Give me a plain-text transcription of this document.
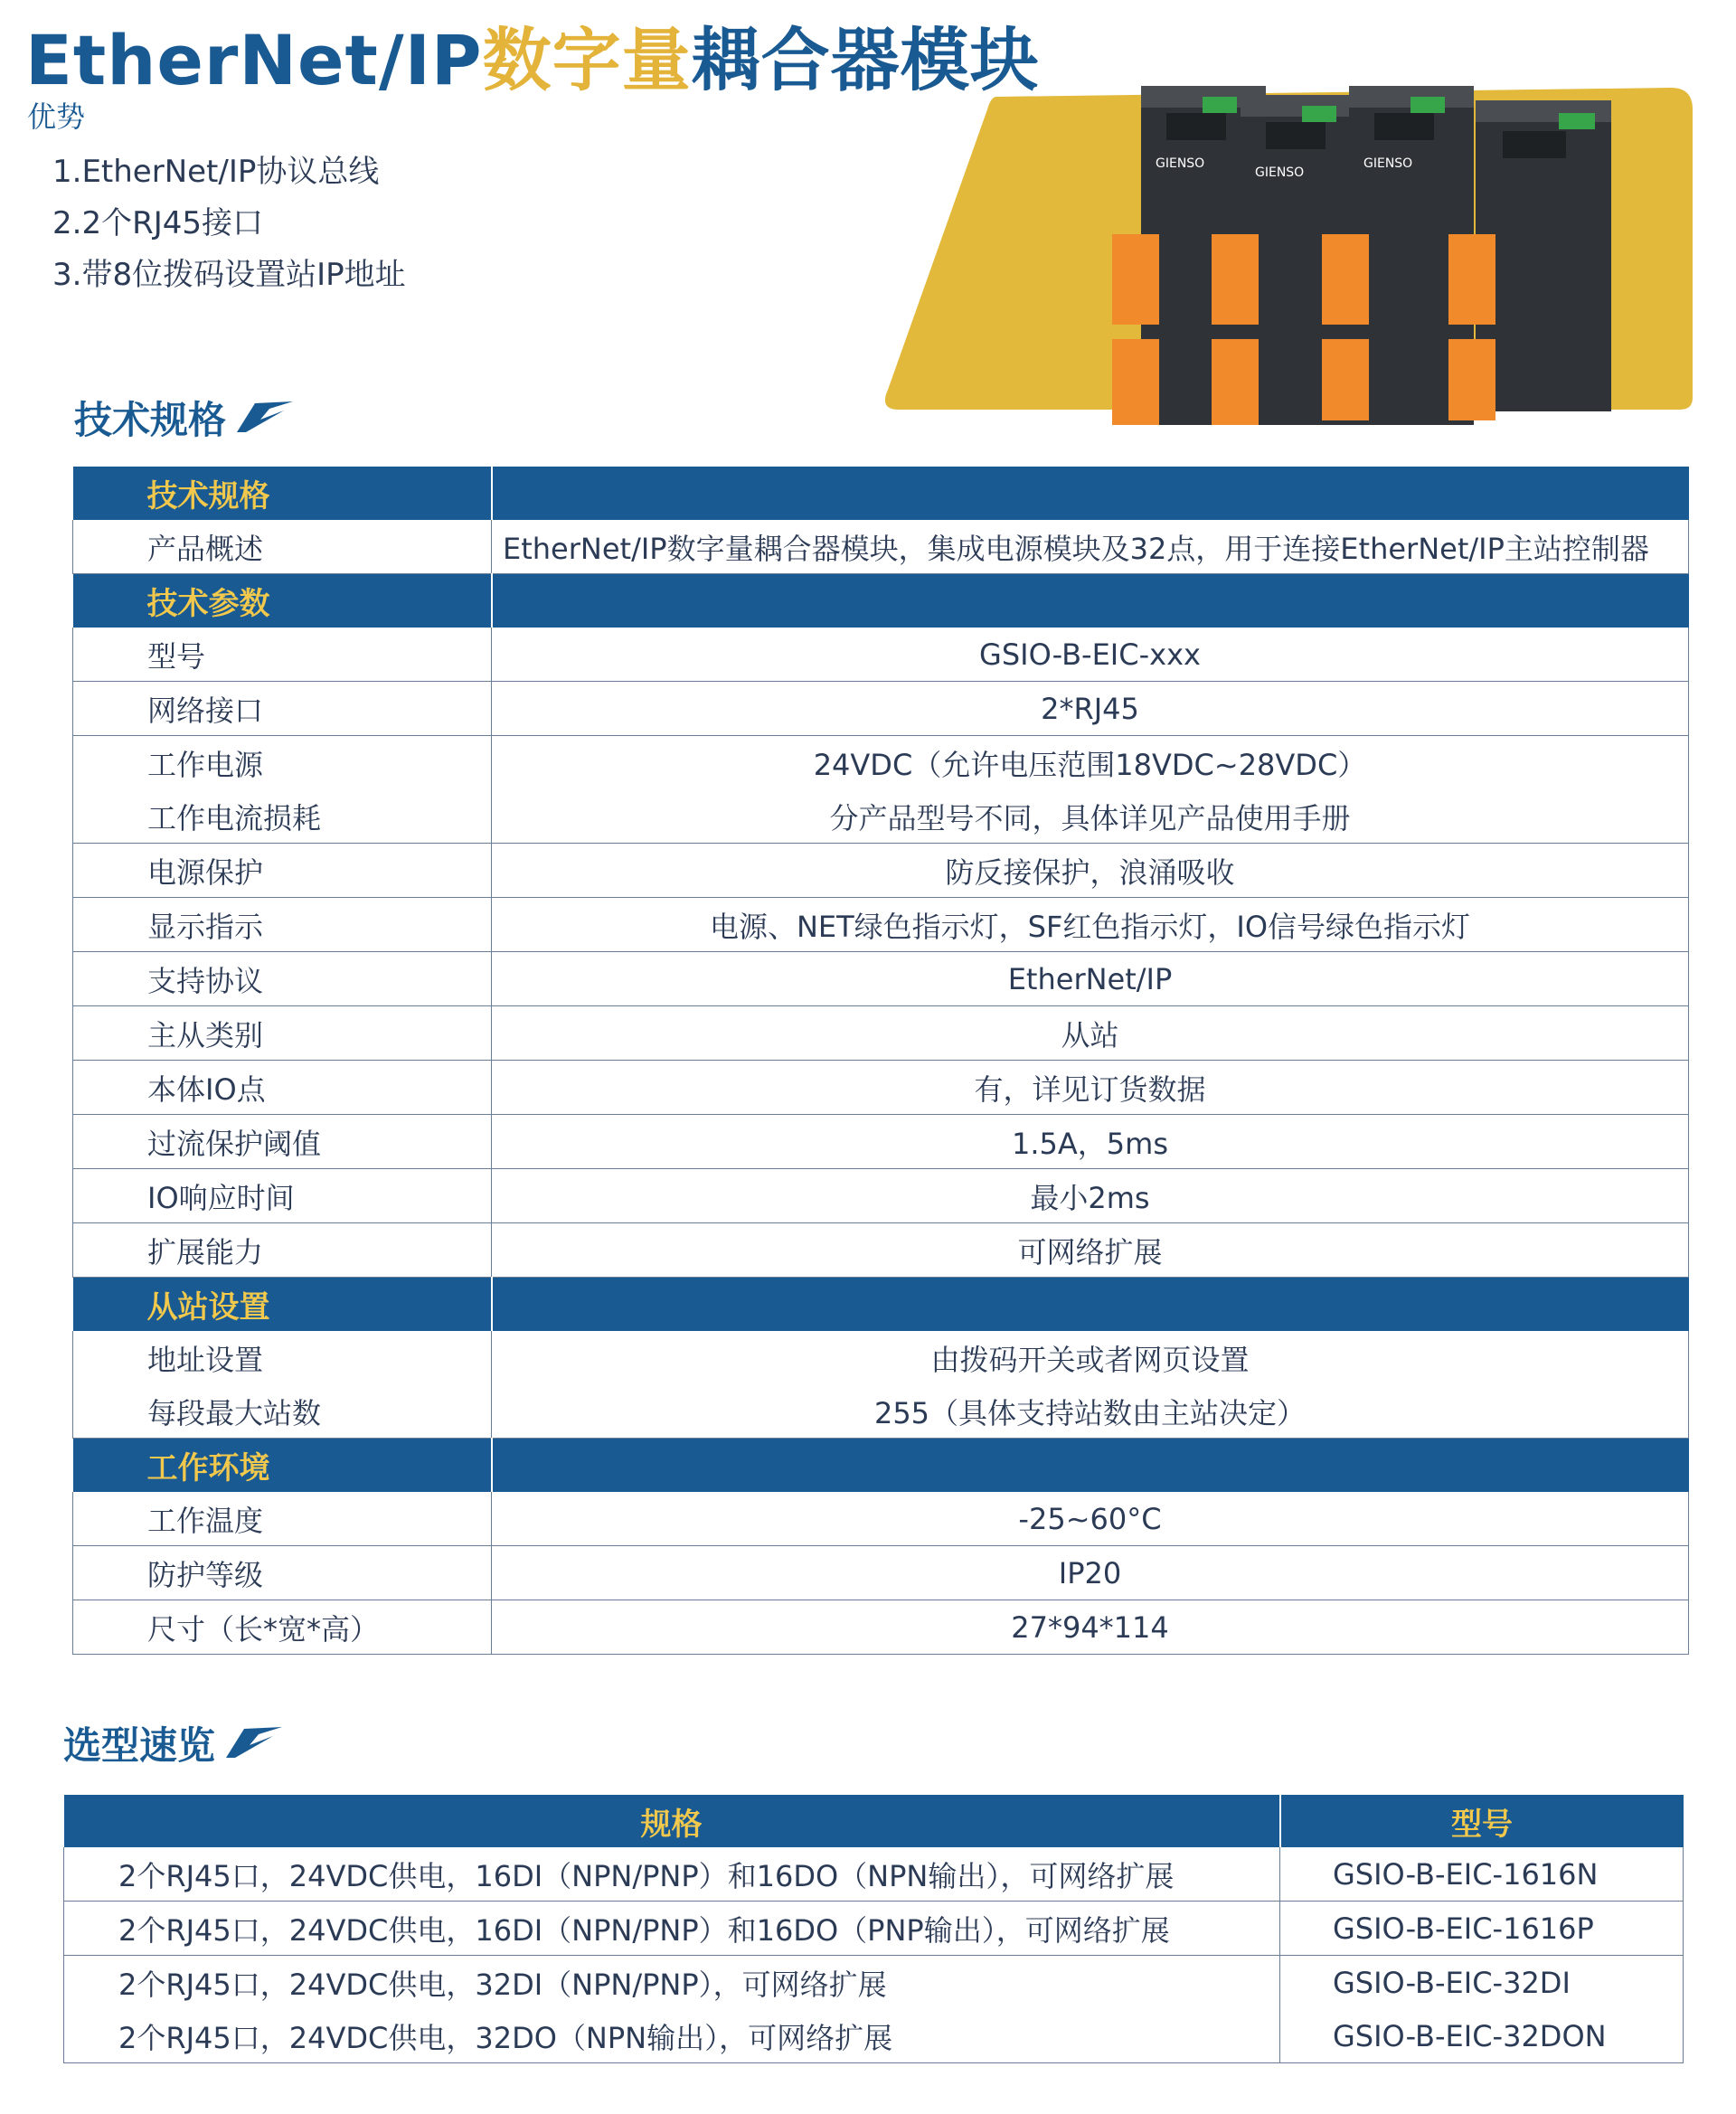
EtherNet/IP数字量耦合器模块
优势
1.EtherNet/IP协议总线
2.2个RJ45接口
3.带8位拨码设置站IP地址
GIENSO
GIENSO
GIENSO
技术规格
技术规格	
产品概述	EtherNet/IP数字量耦合器模块，集成电源模块及32点，用于连接EtherNet/IP主站控制器
技术参数	
型号	GSIO-B-EIC-xxx
网络接口	2*RJ45
工作电源	24VDC（允许电压范围18VDC~28VDC）
工作电流损耗	分产品型号不同，具体详见产品使用手册
电源保护	防反接保护，浪涌吸收
显示指示	电源、NET绿色指示灯，SF红色指示灯，IO信号绿色指示灯
支持协议	EtherNet/IP
主从类别	从站
本体IO点	有，详见订货数据
过流保护阈值	1.5A，5ms
IO响应时间	最小2ms
扩展能力	可网络扩展
从站设置	
地址设置	由拨码开关或者网页设置
每段最大站数	255（具体支持站数由主站决定）
工作环境	
工作温度	-25~60°C
防护等级	IP20
尺寸（长*宽*高）	27*94*114
选型速览
规格	型号
2个RJ45口，24VDC供电，16DI（NPN/PNP）和16DO（NPN输出），可网络扩展	GSIO-B-EIC-1616N
2个RJ45口，24VDC供电，16DI（NPN/PNP）和16DO（PNP输出），可网络扩展	GSIO-B-EIC-1616P
2个RJ45口，24VDC供电，32DI（NPN/PNP），可网络扩展	GSIO-B-EIC-32DI
2个RJ45口，24VDC供电，32DO（NPN输出），可网络扩展	GSIO-B-EIC-32DON
